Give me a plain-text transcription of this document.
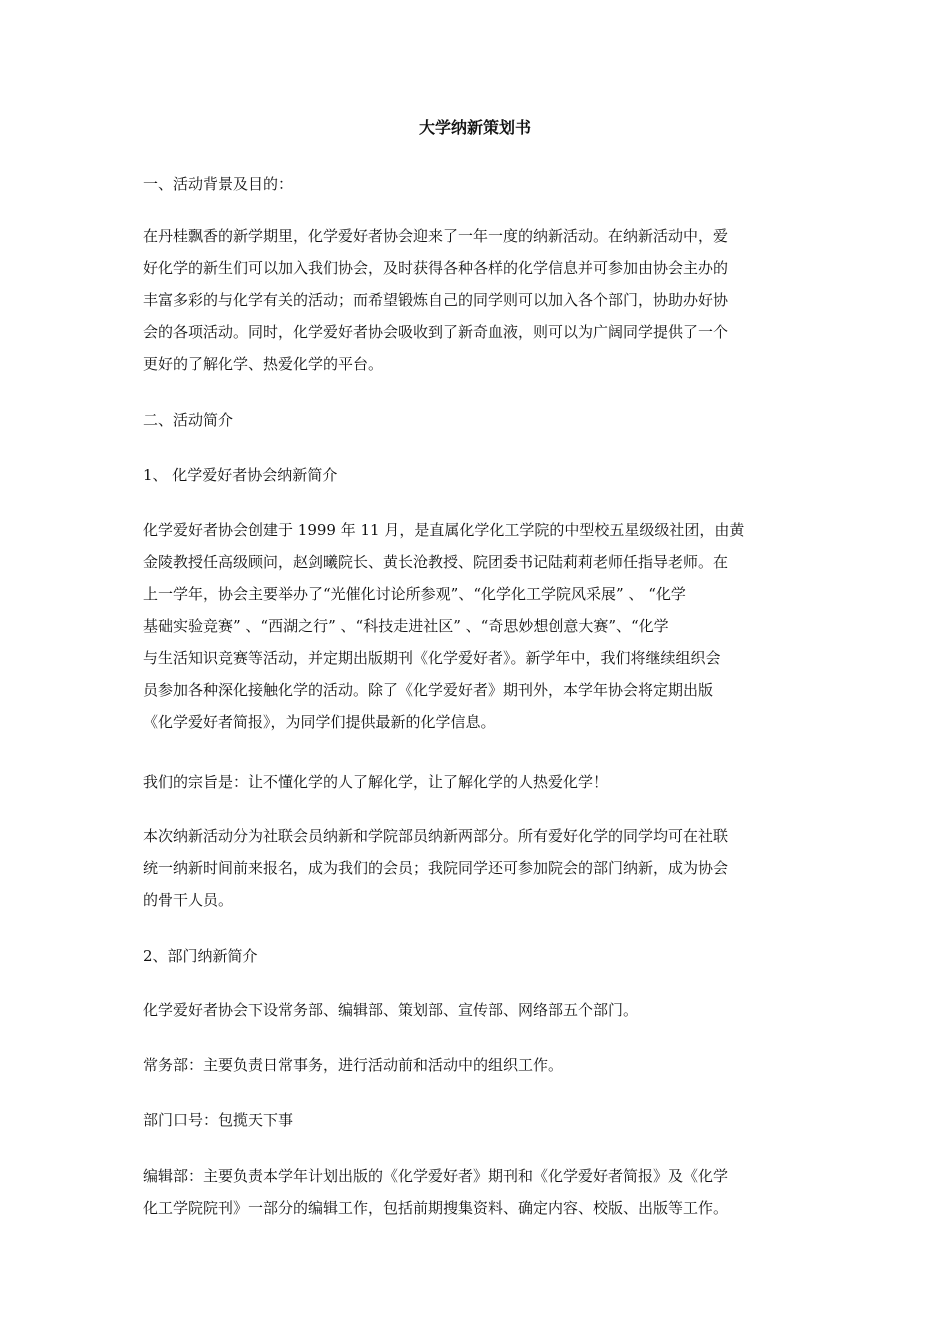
大学纳新策划书

一、活动背景及目的：

在丹桂飘香的新学期里，化学爱好者协会迎来了一年一度的纳新活动。在纳新活动中，爱
好化学的新生们可以加入我们协会，及时获得各种各样的化学信息并可参加由协会主办的
丰富多彩的与化学有关的活动；而希望锻炼自己的同学则可以加入各个部门，协助办好协
会的各项活动。同时，化学爱好者协会吸收到了新奇血液，则可以为广阔同学提供了一个
更好的了解化学、热爱化学的平台。

二、活动简介

1、 化学爱好者协会纳新简介

化学爱好者协会创建于 1999 年 11 月，是直属化学化工学院的中型校五星级级社团，由黄
金陵教授任高级顾问，赵剑曦院长、黄长沧教授、院团委书记陆莉莉老师任指导老师。在
上一学年，协会主要举办了“光催化讨论所参观”、“化学化工学院风采展” 、 “化学
基础实验竞赛” 、“西湖之行” 、“科技走进社区” 、“奇思妙想创意大赛”、“化学
与生活知识竞赛等活动，并定期出版期刊《化学爱好者》。新学年中，我们将继续组织会
员参加各种深化接触化学的活动。除了《化学爱好者》期刊外，本学年协会将定期出版
《化学爱好者简报》，为同学们提供最新的化学信息。

我们的宗旨是：让不懂化学的人了解化学，让了解化学的人热爱化学！

本次纳新活动分为社联会员纳新和学院部员纳新两部分。所有爱好化学的同学均可在社联
统一纳新时间前来报名，成为我们的会员；我院同学还可参加院会的部门纳新，成为协会
的骨干人员。

2、部门纳新简介

化学爱好者协会下设常务部、编辑部、策划部、宣传部、网络部五个部门。

常务部：主要负责日常事务，进行活动前和活动中的组织工作。

部门口号：包揽天下事

编辑部：主要负责本学年计划出版的《化学爱好者》期刊和《化学爱好者简报》及《化学
化工学院院刊》一部分的编辑工作，包括前期搜集资料、确定内容、校版、出版等工作。
